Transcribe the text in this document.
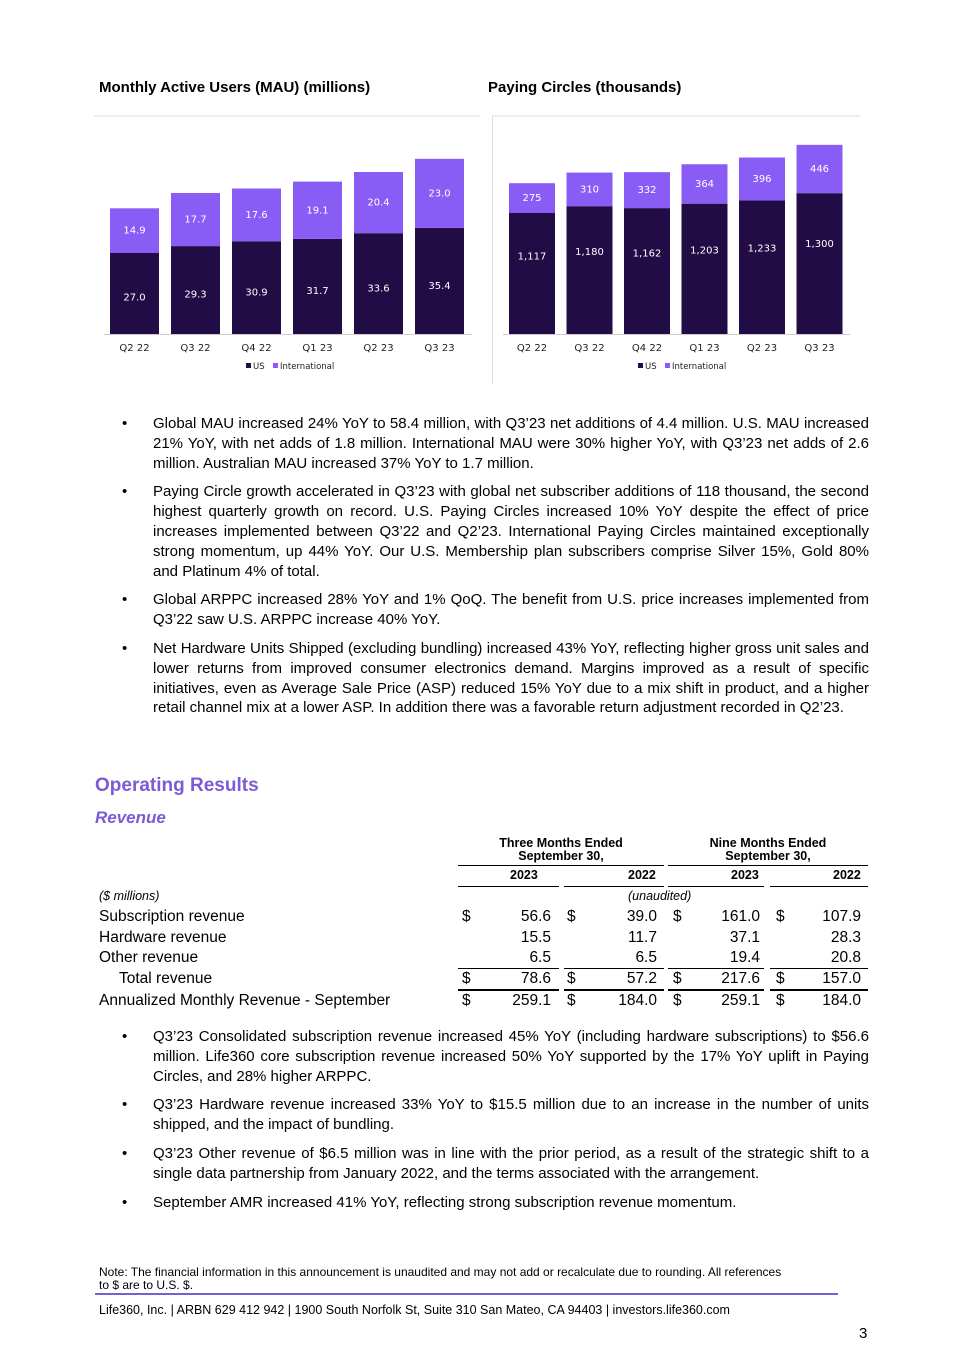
Monthly Active Users (MAU) (millions)	Paying Circles (thousands)
27.0
14.9
Q2 22
29.3
17.7
Q3 22
30.9
17.6
Q4 22
31.7
19.1
Q1 23
33.6
20.4
Q2 23
35.4
23.0
Q3 23
US International
1,117
275
Q2 22
1,180
310
Q3 22
1,162
332
Q4 22
1,203
364
Q1 23
1,233
396
Q2 23
1,300
446
Q3 23
US International
• Global MAU increased 24% YoY to 58.4 million, with Q3’23 net additions of 4.4 million. U.S. MAU increased 21% YoY, with net adds of 1.8 million. International MAU were 30% higher YoY, with Q3’23 net adds of 2.6 million. Australian MAU increased 37% YoY to 1.7 million.
• Paying Circle growth accelerated in Q3’23 with global net subscriber additions of 118 thousand, the second highest quarterly growth on record. U.S. Paying Circles increased 10% YoY despite the effect of price increases implemented between Q3’22 and Q2’23. International Paying Circles maintained exceptionally strong momentum, up 44% YoY. Our U.S. Membership plan subscribers comprise Silver 15%, Gold 80% and Platinum 4% of total.
• Global ARPPC increased 28% YoY and 1% QoQ. The benefit from U.S. price increases implemented from Q3’22 saw U.S. ARPPC increase 40% YoY.
• Net Hardware Units Shipped (excluding bundling) increased 43% YoY, reflecting higher gross unit sales and lower returns from improved consumer electronics demand. Margins improved as a result of specific initiatives, even as Average Sale Price (ASP) reduced 15% YoY due to a mix shift in product, and a higher retail channel mix at a lower ASP. In addition there was a favorable return adjustment recorded in Q2’23.
Operating Results
Revenue
Three Months Ended
September 30,
Nine Months Ended
September 30,
2023	2022	2023	2022
($ millions)	(unaudited)
Subscription revenue	$	56.6 $	39.0 $	161.0 $ 107.9
Hardware revenue	15.5	11.7	37.1	28.3
Other revenue	6.5	6.5	19.4	20.8
Total revenue	$	78.6 $	57.2 $	217.6 $ 157.0
Annualized Monthly Revenue - September	$	259.1 $	184.0 $	259.1 $ 184.0
• Q3’23 Consolidated subscription revenue increased 45% YoY (including hardware subscriptions) to $56.6 million. Life360 core subscription revenue increased 50% YoY supported by the 17% YoY uplift in Paying Circles, and 28% higher ARPPC.
• Q3’23 Hardware revenue increased 33% YoY to $15.5 million due to an increase in the number of units shipped, and the impact of bundling.
• Q3’23 Other revenue of $6.5 million was in line with the prior period, as a result of the strategic shift to a single data partnership from January 2022, and the terms associated with the arrangement.
• September AMR increased 41% YoY, reflecting strong subscription revenue momentum.
Note: The financial information in this announcement is unaudited and may not add or recalculate due to rounding. All references to $ are to U.S. $.
Life360, Inc. | ARBN 629 412 942 | 1900 South Norfolk St, Suite 310 San Mateo, CA 94403 | investors.life360.com
3
